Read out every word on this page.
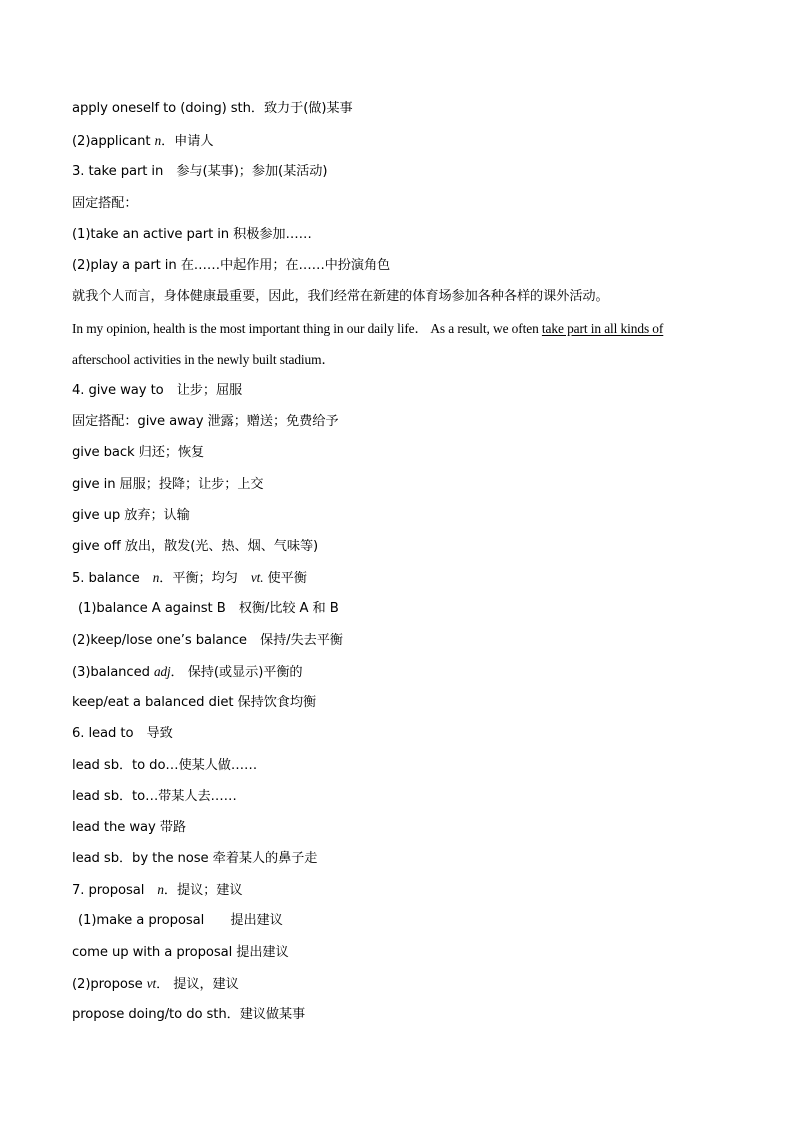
apply oneself to (doing) sth．致力于(做)某事
(2)applicant n．申请人
3. take part in　参与(某事)；参加(某活动)
固定搭配：
(1)take an active part in 积极参加……
(2)play a part in 在……中起作用；在……中扮演角色
就我个人而言，身体健康最重要，因此，我们经常在新建的体育场参加各种各样的课外活动。
In my opinion, health is the most important thing in our daily life． As a result, we often take part in all kinds of
afterschool activities in the newly built stadium．
4. give way to　让步；屈服
固定搭配：give away 泄露；赠送；免费给予
give back 归还；恢复
give in 屈服；投降；让步；上交
give up 放弃；认输
give off 放出，散发(光、热、烟、气味等)
5. balance　n．平衡；均匀　vt. 使平衡
(1)balance A against B　权衡/比较 A 和 B
(2)keep/lose one’s balance　保持/失去平衡
(3)balanced adj． 保持(或显示)平衡的
keep/eat a balanced diet 保持饮食均衡
6. lead to　导致
lead sb．to do…使某人做……
lead sb．to…带某人去……
lead the way 带路
lead sb．by the nose 牵着某人的鼻子走
7. proposal　n．提议；建议
(1)make a proposal　　提出建议
come up with a proposal 提出建议
(2)propose vt． 提议，建议
propose doing/to do sth．建议做某事
